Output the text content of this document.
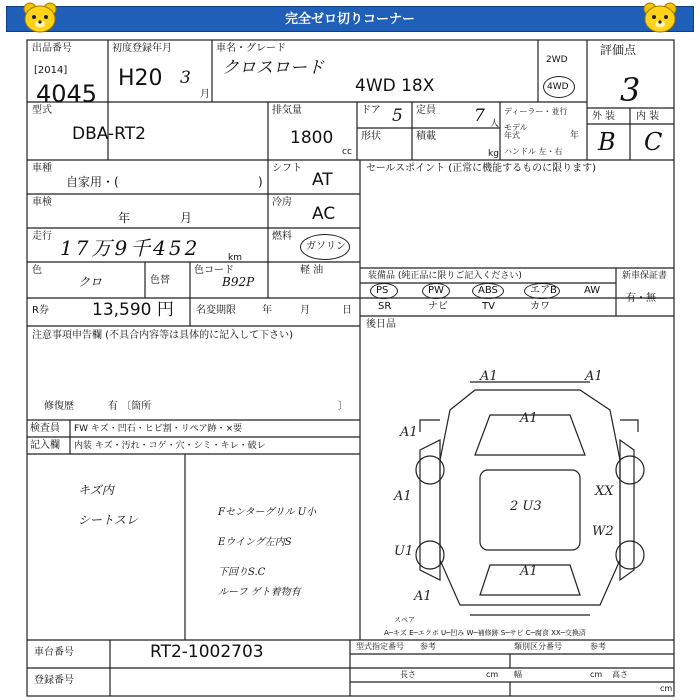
完全ゼロ切りコーナー
出品番号
[2014]
4045
初度登録年月
H20 3
月
車名・グレード
クロスロード
4WD 18X
2WD
4WD
評価点
3
外 装 内 装
B C
型式
DBA-RT2
排気量
1800
cc
ドア 5 定員 7 人
形状	積載
kg
ディーラー・並行
モデル年式	年
ハンドル 左・右
車種
自家用・(	)
シフト
AT
車検
年	月
冷房
AC
走行 17万9千452	km
燃料
ガソリン
軽 油
色
クロ	色替
色コード
B92P
R券	13,590 円 名変期限	年	月	日
注意事項申告欄 (不具合内容等は具体的に記入して下さい)
修復歴	有 〔箇所	〕
検査員
記入欄
FW キズ・凹石・ヒビ割・リペア跡・×要
内装 キズ・汚れ・コゲ・穴・シミ・キレ・破レ
キズ内
シートスレ
Fセンターグリル U小
Eウイング左内S
下回りS.C
ルーフ ゲト着物有
セールスポイント (正常に機能するものに限ります)
装備品 (純正品に限りご記入ください)	新車保証書
有・無
PS	PW	ABS	エアB	AW
SR	ナビ	TV	カワ
後日品
A1	A1
A1
A1
A1
A1
U1
XX
2 U3
W2
A1
スペア
A─キズ E─エクボ U─凹み W─補修跡 S─サビ C─腐食 XX─交換済
車台番号	RT2-1002703
登録番号
型式指定番号 参考	類別区分番号	参考
長さ	cm 幅	cm 高さ
cm
